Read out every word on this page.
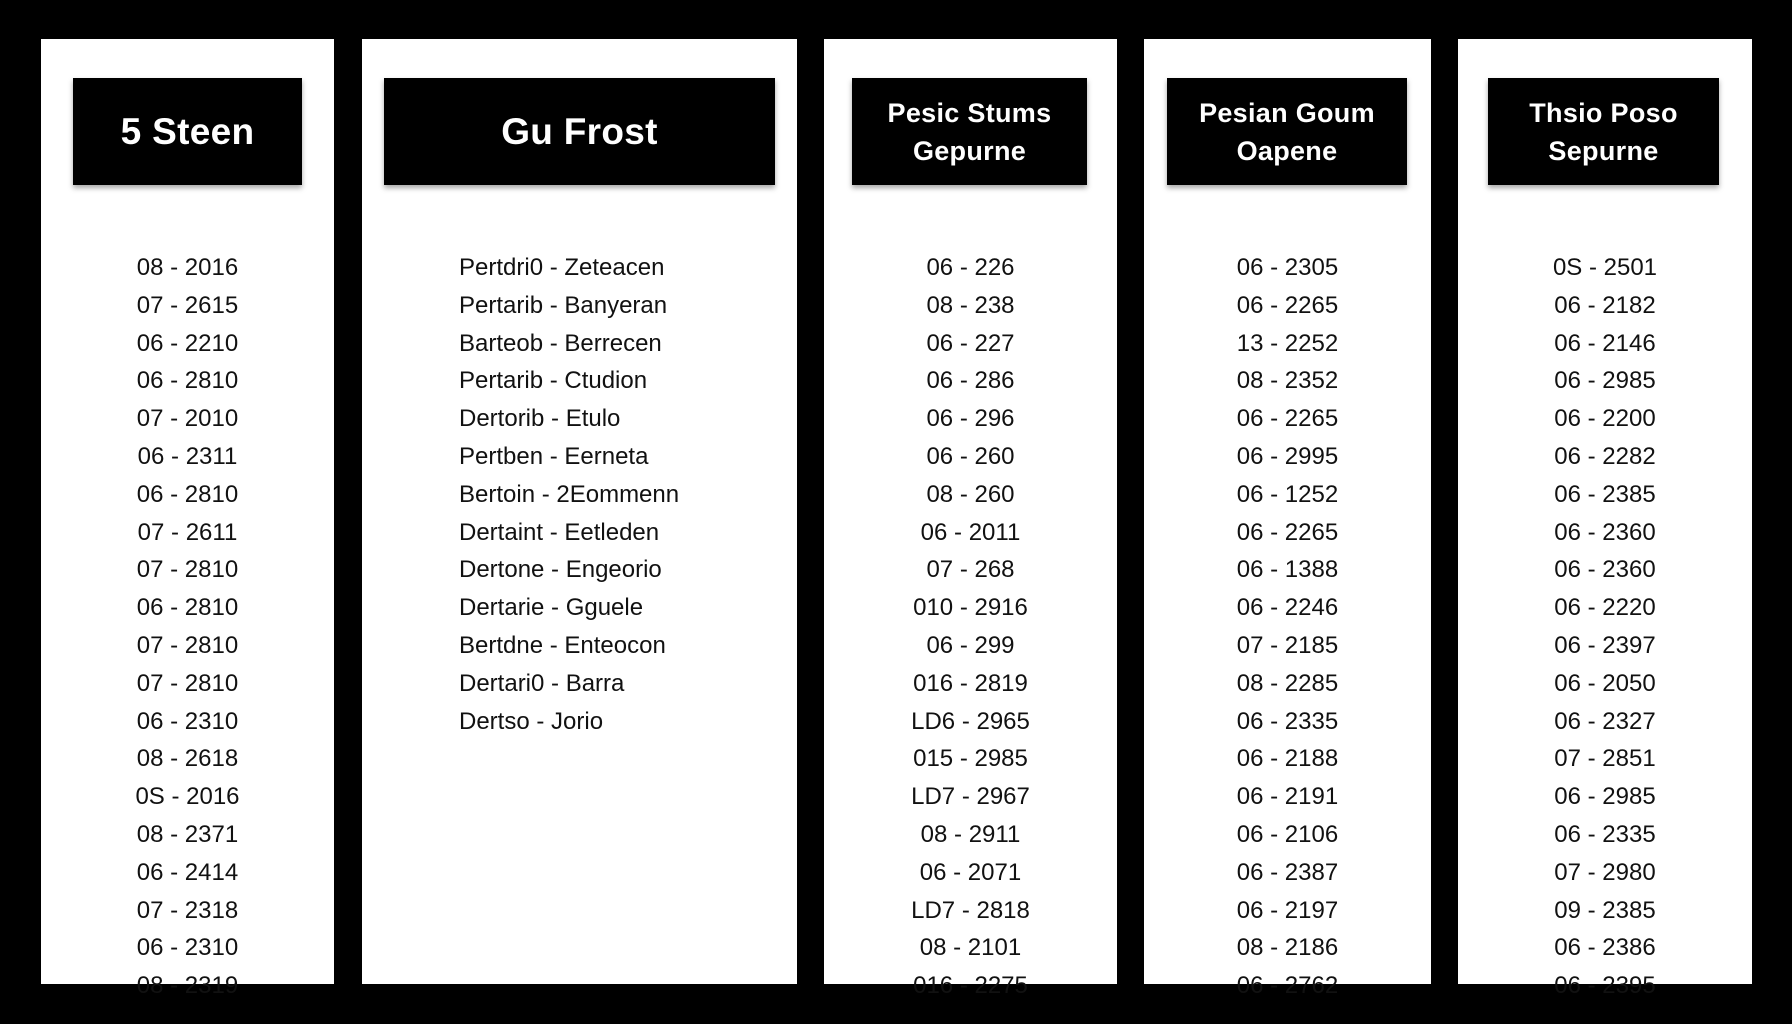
5 Steen
08 - 2016
07 - 2615
06 - 2210
06 - 2810
07 - 2010
06 - 2311
06 - 2810
07 - 2611
07 - 2810
06 - 2810
07 - 2810
07 - 2810
06 - 2310
08 - 2618
0S - 2016
08 - 2371
06 - 2414
07 - 2318
06 - 2310
08 - 2319
Gu Frost
Pertdri0 - Zeteacen
Pertarib - Banyeran
Barteob - Berrecen
Pertarib - Ctudion
Dertorib - Etulo
Pertben - Eerneta
Bertoin - 2Eommenn
Dertaint - Eetleden
Dertone - Engeorio
Dertarie - Gguele
Bertdne - Enteocon
Dertari0 - Barra
Dertso - Jorio
Pesic Stums Gepurne
06 - 226
08 - 238
06 - 227
06 - 286
06 - 296
06 - 260
08 - 260
06 - 2011
07 - 268
010 - 2916
06 - 299
016 - 2819
LD6 - 2965
015 - 2985
LD7 - 2967
08 - 2911
06 - 2071
LD7 - 2818
08 - 2101
016 - 2275
Pesian Goum Oapene
06 - 2305
06 - 2265
13 - 2252
08 - 2352
06 - 2265
06 - 2995
06 - 1252
06 - 2265
06 - 1388
06 - 2246
07 - 2185
08 - 2285
06 - 2335
06 - 2188
06 - 2191
06 - 2106
06 - 2387
06 - 2197
08 - 2186
06 - 2762
Thsio Poso Sepurne
0S - 2501
06 - 2182
06 - 2146
06 - 2985
06 - 2200
06 - 2282
06 - 2385
06 - 2360
06 - 2360
06 - 2220
06 - 2397
06 - 2050
06 - 2327
07 - 2851
06 - 2985
06 - 2335
07 - 2980
09 - 2385
06 - 2386
06 - 2395
